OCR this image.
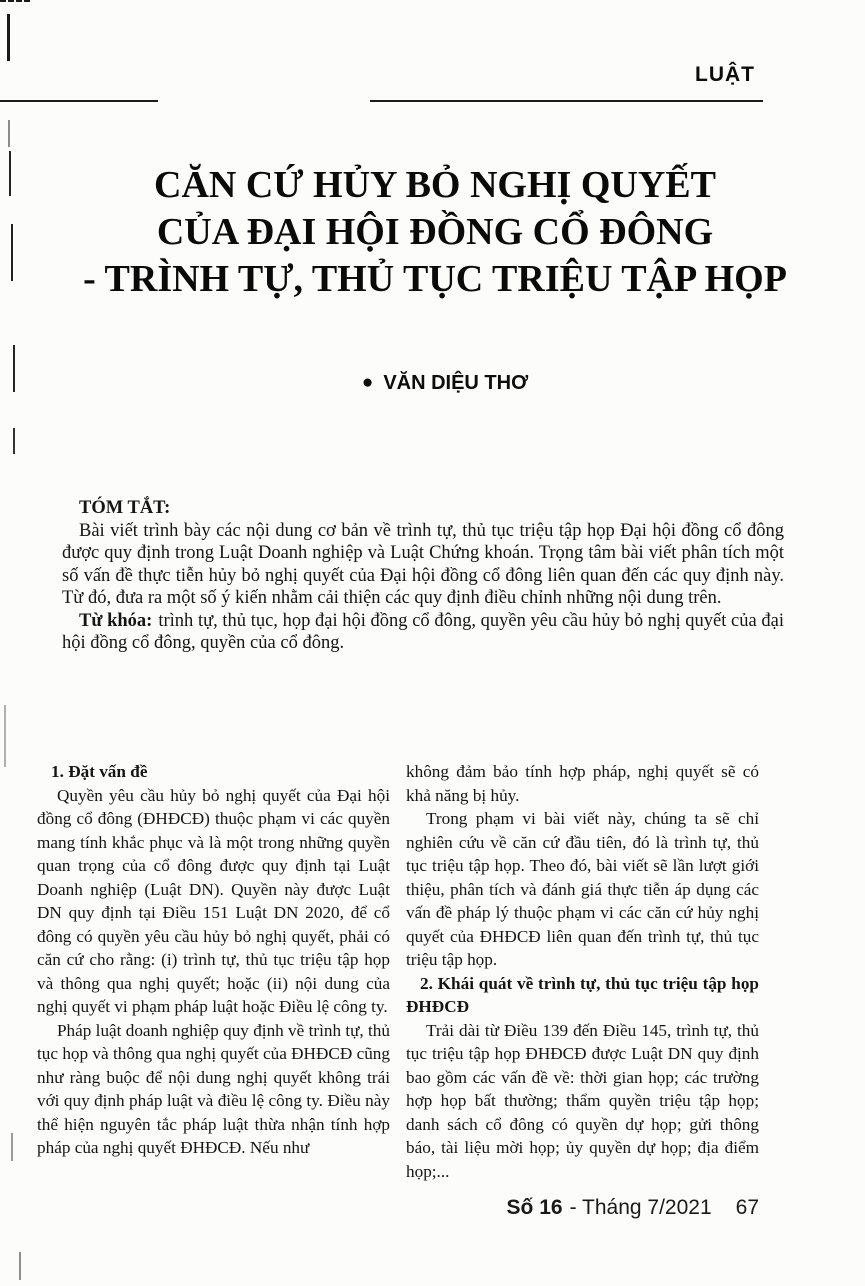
LUẬT
CĂN CỨ HỦY BỎ NGHỊ QUYẾT
CỦA ĐẠI HỘI ĐỒNG CỔ ĐÔNG
- TRÌNH TỰ, THỦ TỤC TRIỆU TẬP HỌP
● VĂN DIỆU THƠ
TÓM TẮT:

Bài viết trình bày các nội dung cơ bản về trình tự, thủ tục triệu tập họp Đại hội đồng cổ đông được quy định trong Luật Doanh nghiệp và Luật Chứng khoán. Trọng tâm bài viết phân tích một số vấn đề thực tiễn hủy bỏ nghị quyết của Đại hội đồng cổ đông liên quan đến các quy định này. Từ đó, đưa ra một số ý kiến nhằm cải thiện các quy định điều chỉnh những nội dung trên.

Từ khóa: trình tự, thủ tục, họp đại hội đồng cổ đông, quyền yêu cầu hủy bỏ nghị quyết của đại hội đồng cổ đông, quyền của cổ đông.

1. Đặt vấn đề

Quyền yêu cầu hủy bỏ nghị quyết của Đại hội đồng cổ đông (ĐHĐCĐ) thuộc phạm vi các quyền mang tính khắc phục và là một trong những quyền quan trọng của cổ đông được quy định tại Luật Doanh nghiệp (Luật DN). Quyền này được Luật DN quy định tại Điều 151 Luật DN 2020, để cổ đông có quyền yêu cầu hủy bỏ nghị quyết, phải có căn cứ cho rằng: (i) trình tự, thủ tục triệu tập họp và thông qua nghị quyết; hoặc (ii) nội dung của nghị quyết vi phạm pháp luật hoặc Điều lệ công ty.

Pháp luật doanh nghiệp quy định về trình tự, thủ tục họp và thông qua nghị quyết của ĐHĐCĐ cũng như ràng buộc để nội dung nghị quyết không trái với quy định pháp luật và điều lệ công ty. Điều này thể hiện nguyên tắc pháp luật thừa nhận tính hợp pháp của nghị quyết ĐHĐCĐ. Nếu như

không đảm bảo tính hợp pháp, nghị quyết sẽ có khả năng bị hủy.

Trong phạm vi bài viết này, chúng ta sẽ chỉ nghiên cứu về căn cứ đầu tiên, đó là trình tự, thủ tục triệu tập họp. Theo đó, bài viết sẽ lần lượt giới thiệu, phân tích và đánh giá thực tiễn áp dụng các vấn đề pháp lý thuộc phạm vi các căn cứ hủy nghị quyết của ĐHĐCĐ liên quan đến trình tự, thủ tục triệu tập họp.

2. Khái quát về trình tự, thủ tục triệu tập họp ĐHĐCĐ

Trải dài từ Điều 139 đến Điều 145, trình tự, thủ tục triệu tập họp ĐHĐCĐ được Luật DN quy định bao gồm các vấn đề về: thời gian họp; các trường hợp họp bất thường; thẩm quyền triệu tập họp; danh sách cổ đông có quyền dự họp; gửi thông báo, tài liệu mời họp; ủy quyền dự họp; địa điểm họp;...

Số 16 - Tháng 7/2021 67
